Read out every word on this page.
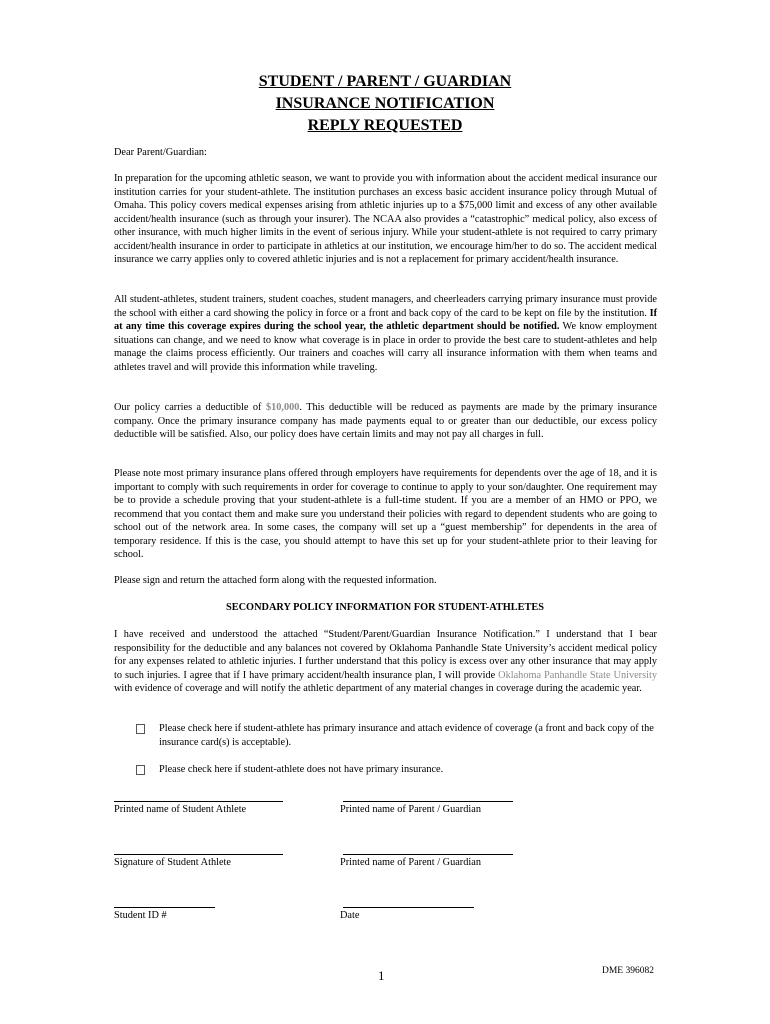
STUDENT / PARENT / GUARDIAN
INSURANCE NOTIFICATION
REPLY REQUESTED

Dear Parent/Guardian:

In preparation for the upcoming athletic season, we want to provide you with information about the accident medical insurance our institution carries for your student-athlete. The institution purchases an excess basic accident insurance policy through Mutual of Omaha. This policy covers medical expenses arising from athletic injuries up to a $75,000 limit and excess of any other available accident/health insurance (such as through your insurer). The NCAA also provides a “catastrophic” medical policy, also excess of other insurance, with much higher limits in the event of serious injury. While your student-athlete is not required to carry primary accident/health insurance in order to participate in athletics at our institution, we encourage him/her to do so. The accident medical insurance we carry applies only to covered athletic injuries and is not a replacement for primary accident/health insurance.

All student-athletes, student trainers, student coaches, student managers, and cheerleaders carrying primary insurance must provide the school with either a card showing the policy in force or a front and back copy of the card to be kept on file by the institution. If at any time this coverage expires during the school year, the athletic department should be notified. We know employment situations can change, and we need to know what coverage is in place in order to provide the best care to student-athletes and help manage the claims process efficiently. Our trainers and coaches will carry all insurance information with them when teams and athletes travel and will provide this information while traveling.

Our policy carries a deductible of $10,000. This deductible will be reduced as payments are made by the primary insurance company. Once the primary insurance company has made payments equal to or greater than our deductible, our excess policy deductible will be satisfied. Also, our policy does have certain limits and may not pay all charges in full.

Please note most primary insurance plans offered through employers have requirements for dependents over the age of 18, and it is important to comply with such requirements in order for coverage to continue to apply to your son/daughter. One requirement may be to provide a schedule proving that your student-athlete is a full-time student. If you are a member of an HMO or PPO, we recommend that you contact them and make sure you understand their policies with regard to dependent students who are going to school out of the network area. In some cases, the company will set up a “guest membership” for dependents in the area of temporary residence. If this is the case, you should attempt to have this set up for your student-athlete prior to their leaving for school.

Please sign and return the attached form along with the requested information.

SECONDARY POLICY INFORMATION FOR STUDENT-ATHLETES

I have received and understood the attached “Student/Parent/Guardian Insurance Notification.” I understand that I bear responsibility for the deductible and any balances not covered by Oklahoma Panhandle State University’s accident medical policy for any expenses related to athletic injuries. I further understand that this policy is excess over any other insurance that may apply to such injuries. I agree that if I have primary accident/health insurance plan, I will provide Oklahoma Panhandle State University with evidence of coverage and will notify the athletic department of any material changes in coverage during the academic year.

Please check here if student-athlete has primary insurance and attach evidence of coverage (a front and back copy of the insurance card(s) is acceptable).
Please check here if student-athlete does not have primary insurance.
Printed name of Student Athlete	Printed name of Parent / Guardian
Signature of Student Athlete	Printed name of Parent / Guardian
Student ID #	Date
1	DME 396082
